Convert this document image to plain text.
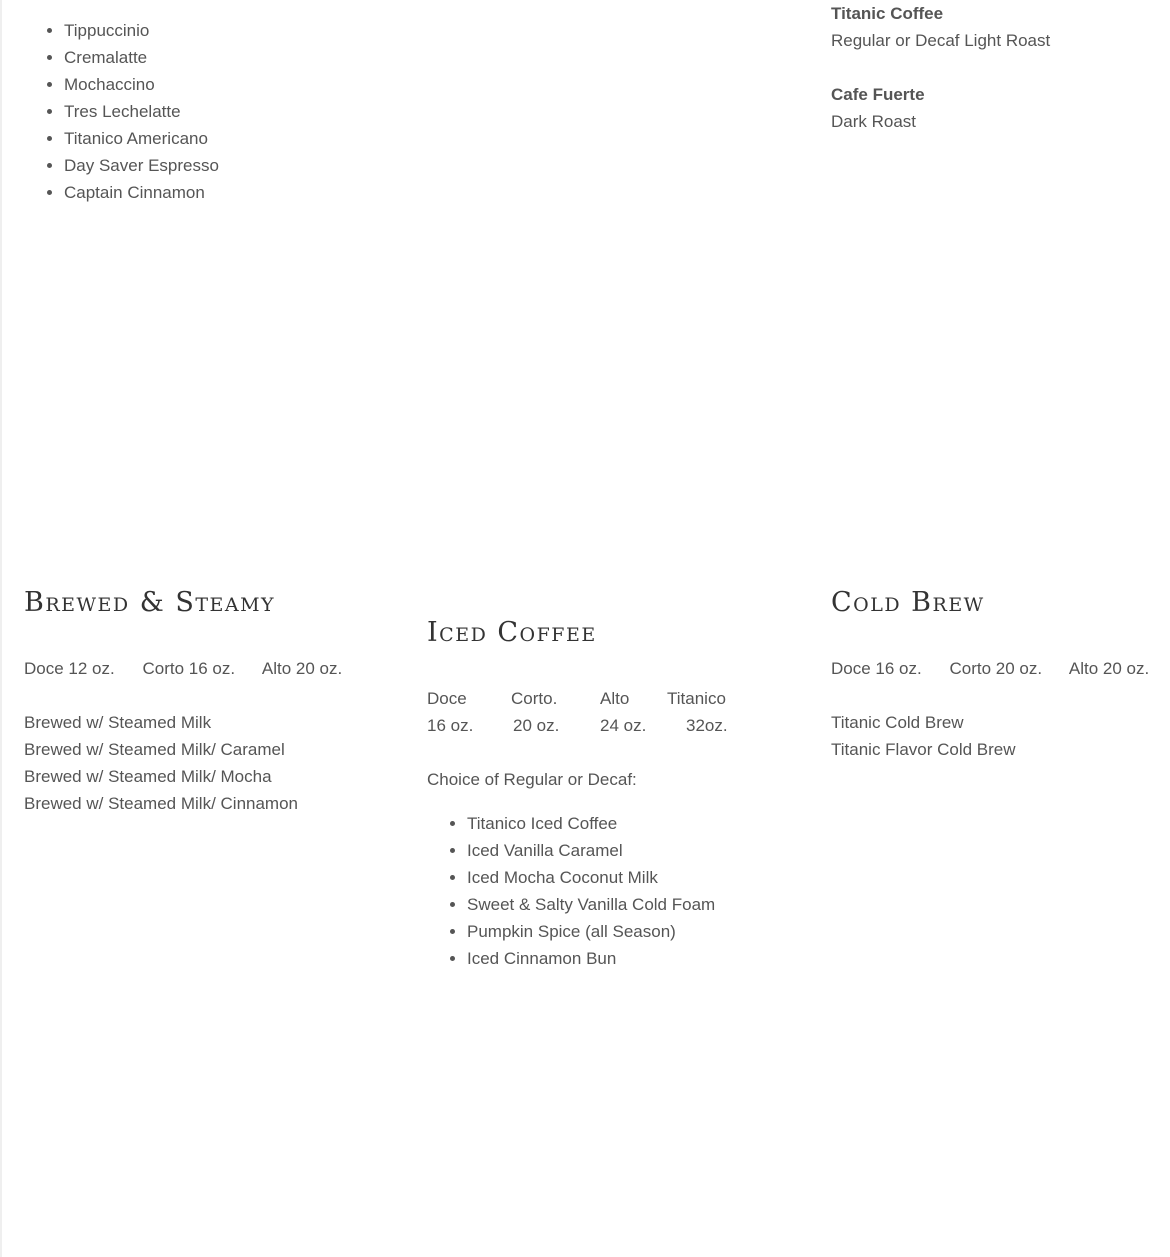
• Tippuccinio
• Cremalatte
• Mochaccino
• Tres Lechelatte
• Titanico Americano
• Day Saver Espresso
• Captain Cinnamon
Titanic Coffee
Regular or Decaf Light Roast
Cafe Fuerte
Dark Roast
Brewed & Steamy
Doce 12 oz. Corto 16 oz. Alto 20 oz.
Brewed w/ Steamed Milk
Brewed w/ Steamed Milk/ Caramel
Brewed w/ Steamed Milk/ Mocha
Brewed w/ Steamed Milk/ Cinnamon
Iced Coffee
Doce	Corto.	Alto Titanico
16 oz. 20 oz. 24 oz. 32oz.
Choice of Regular or Decaf:
• Titanico Iced Coffee
• Iced Vanilla Caramel
• Iced Mocha Coconut Milk
• Sweet & Salty Vanilla Cold Foam
• Pumpkin Spice (all Season)
• Iced Cinnamon Bun
Cold Brew
Doce 16 oz. Corto 20 oz. Alto 20 oz.
Titanic Cold Brew
Titanic Flavor Cold Brew
